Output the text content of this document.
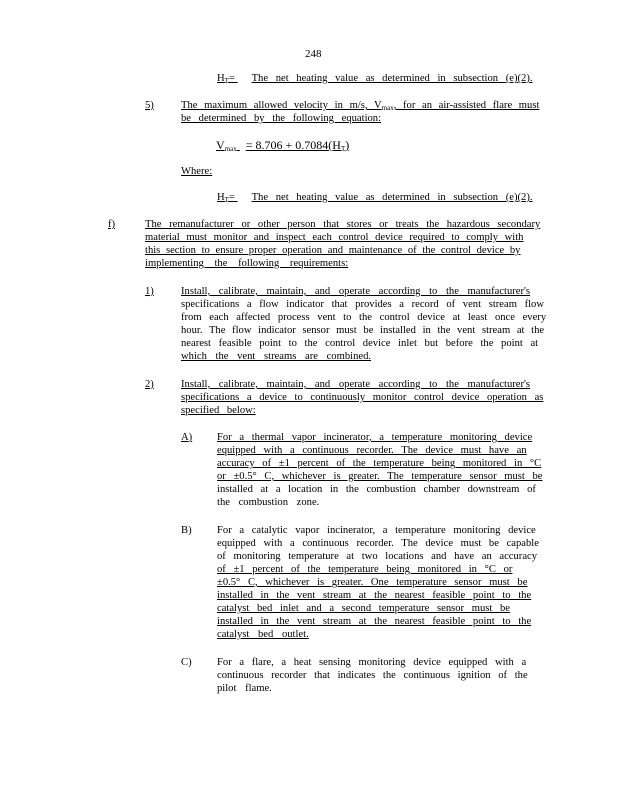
248
$H_T=$ The net heating value as determined in subsection (e)(2).
5)	The maximum allowed velocity in m/s, $V_{max}$, for an air-assisted flare must
be determined by the following equation:
$V_{max} = 8.706 + 0.7084(H_T)$
Where:
$H_T=$ The net heating value as determined in subsection (e)(2).
f)	The remanufacturer or other person that stores or treats the hazardous secondary
material must monitor and inspect each control device required to comply with
this section to ensure proper operation and maintenance of the control device by
implementing the following requirements:
1)	Install, calibrate, maintain, and operate according to the manufacturer's
specifications a flow indicator that provides a record of vent stream flow
from each affected process vent to the control device at least once every
hour. The flow indicator sensor must be installed in the vent stream at the
nearest feasible point to the control device inlet but before the point at
which the vent streams are combined.
2)	Install, calibrate, maintain, and operate according to the manufacturer's
specifications a device to continuously monitor control device operation as
specified below:
A) For a thermal vapor incinerator, a temperature monitoring device
equipped with a continuous recorder. The device must have an
accuracy of ±1 percent of the temperature being monitored in °C
or ±0.5° C, whichever is greater. The temperature sensor must be
installed at a location in the combustion chamber downstream of
the combustion zone.
B) For a catalytic vapor incinerator, a temperature monitoring device
equipped with a continuous recorder. The device must be capable
of monitoring temperature at two locations and have an accuracy
of ±1 percent of the temperature being monitored in °C or
±0.5° C, whichever is greater. One temperature sensor must be
installed in the vent stream at the nearest feasible point to the
catalyst bed inlet and a second temperature sensor must be
installed in the vent stream at the nearest feasible point to the
catalyst bed outlet.
C) For a flare, a heat sensing monitoring device equipped with a
continuous recorder that indicates the continuous ignition of the
pilot flame.
